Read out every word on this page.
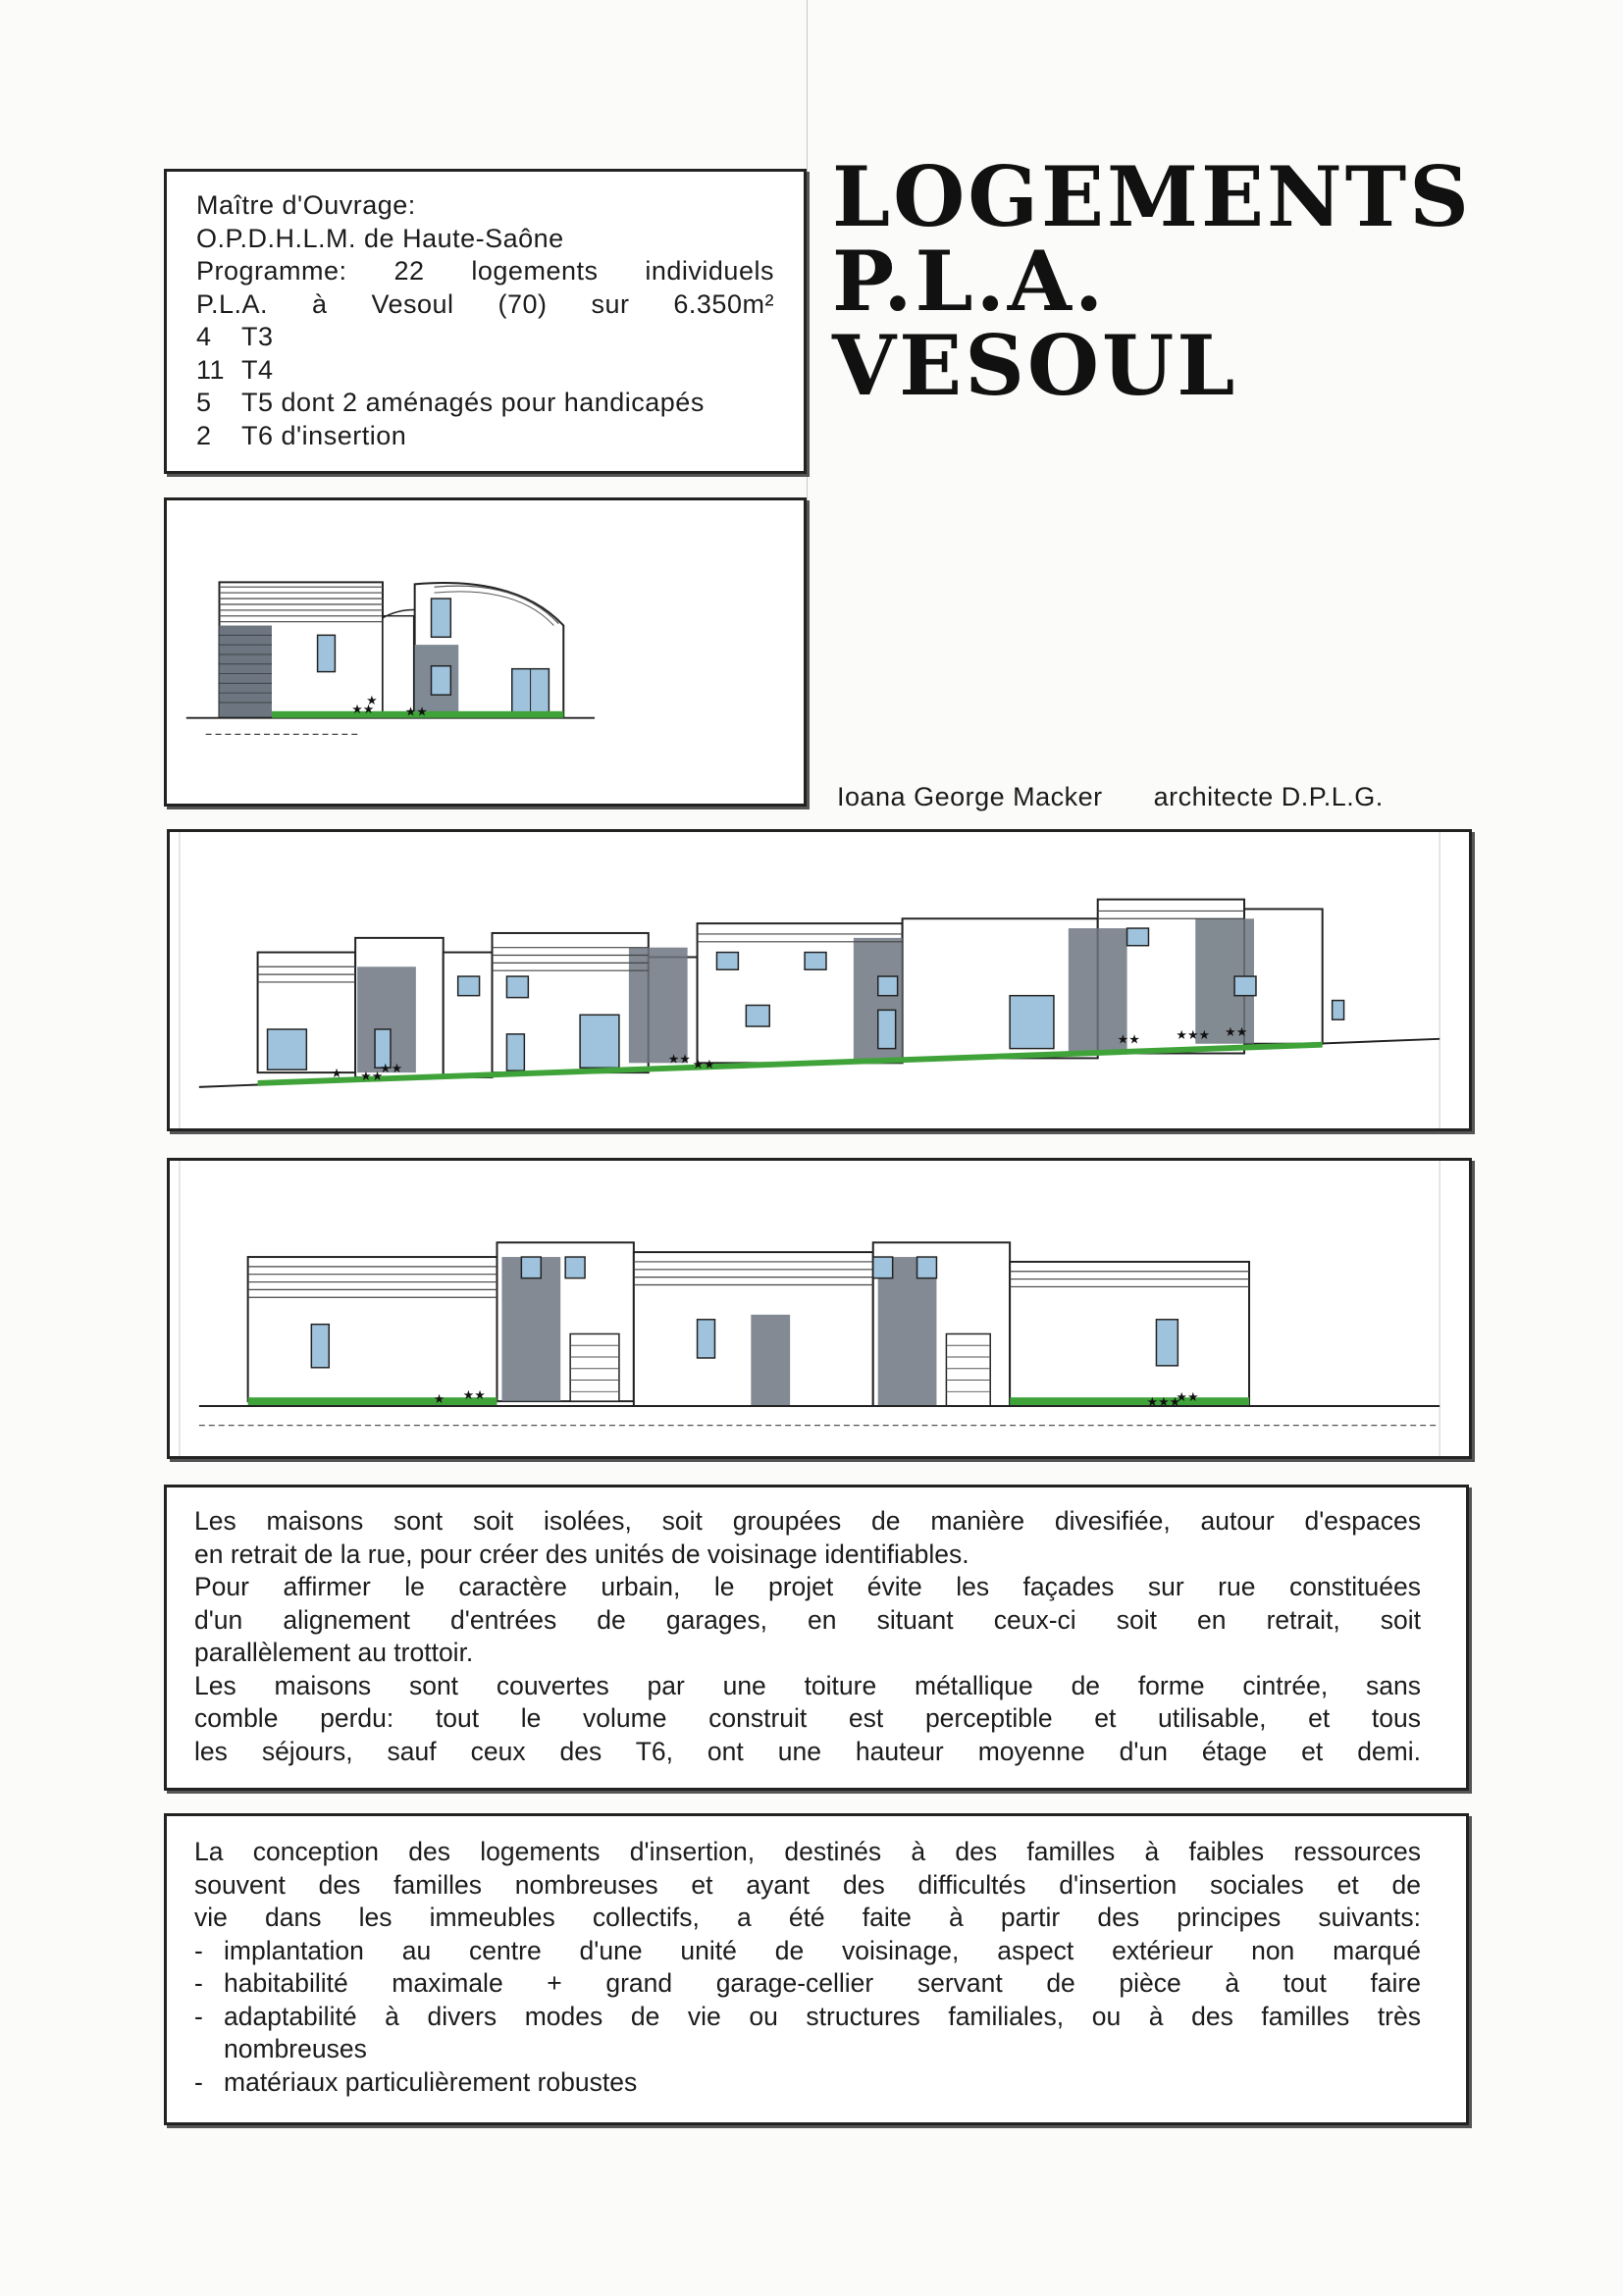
Maître d'Ouvrage:
O.P.D.H.L.M. de Haute-Saône
Programme: 22 logements individuels
P.L.A. à Vesoul (70) sur 6.350m²
4	T3
11 T4
5	T5 dont 2 aménagés pour handicapés
2	T6 d'insertion
LOGEMENTS
P.L.A.
VESOUL
★★
★
★★
Ioana George Macker architecte D.P.L.G.
★ ★★
★★
★★ ★★
★★	★★★ ★★
★ ★★	★★★
★★
Les maisons sont soit isolées, soit groupées de manière divesifiée, autour d'espaces
en retrait de la rue, pour créer des unités de voisinage identifiables.
Pour affirmer le caractère urbain, le projet évite les façades sur rue constituées
d'un alignement d'entrées de garages, en situant ceux-ci soit en retrait, soit
parallèlement au trottoir.
Les maisons sont couvertes par une toiture métallique de forme cintrée, sans
comble perdu: tout le volume construit est perceptible et utilisable, et tous
les séjours, sauf ceux des T6, ont une hauteur moyenne d'un étage et demi.
La conception des logements d'insertion, destinés à des familles à faibles ressources
souvent des familles nombreuses et ayant des difficultés d'insertion sociales et de
vie dans les immeubles collectifs, a été faite à partir des principes suivants:
- implantation au centre d'une unité de voisinage, aspect extérieur non marqué
- habitabilité maximale + grand garage-cellier servant de pièce à tout faire
- adaptabilité à divers modes de vie ou structures familiales, ou à des familles très
nombreuses
- matériaux particulièrement robustes
